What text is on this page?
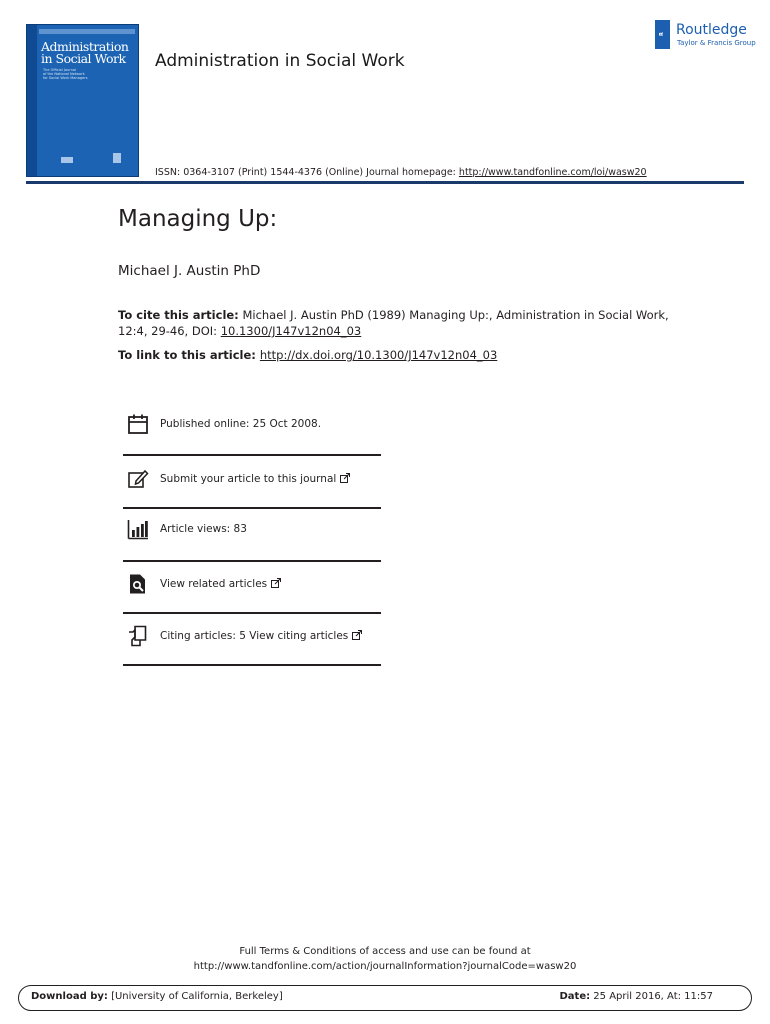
Administration in Social Work
The Official Journal
of the National Network
for Social Work Managers
Administration in Social Work
R Routledge
Taylor & Francis Group
ISSN: 0364-3107 (Print) 1544-4376 (Online) Journal homepage: http://www.tandfonline.com/loi/wasw20
Managing Up:
Michael J. Austin PhD
To cite this article: Michael J. Austin PhD (1989) Managing Up:, Administration in Social Work, 12:4, 29-46, DOI: 10.1300/J147v12n04_03
To link to this article: http://dx.doi.org/10.1300/J147v12n04_03
Published online: 25 Oct 2008.
Submit your article to this journal
Article views: 83
View related articles
Citing articles: 5 View citing articles
Full Terms & Conditions of access and use can be found at
http://www.tandfonline.com/action/journalInformation?journalCode=wasw20
Download by: [University of California, Berkeley]	Date: 25 April 2016, At: 11:57
